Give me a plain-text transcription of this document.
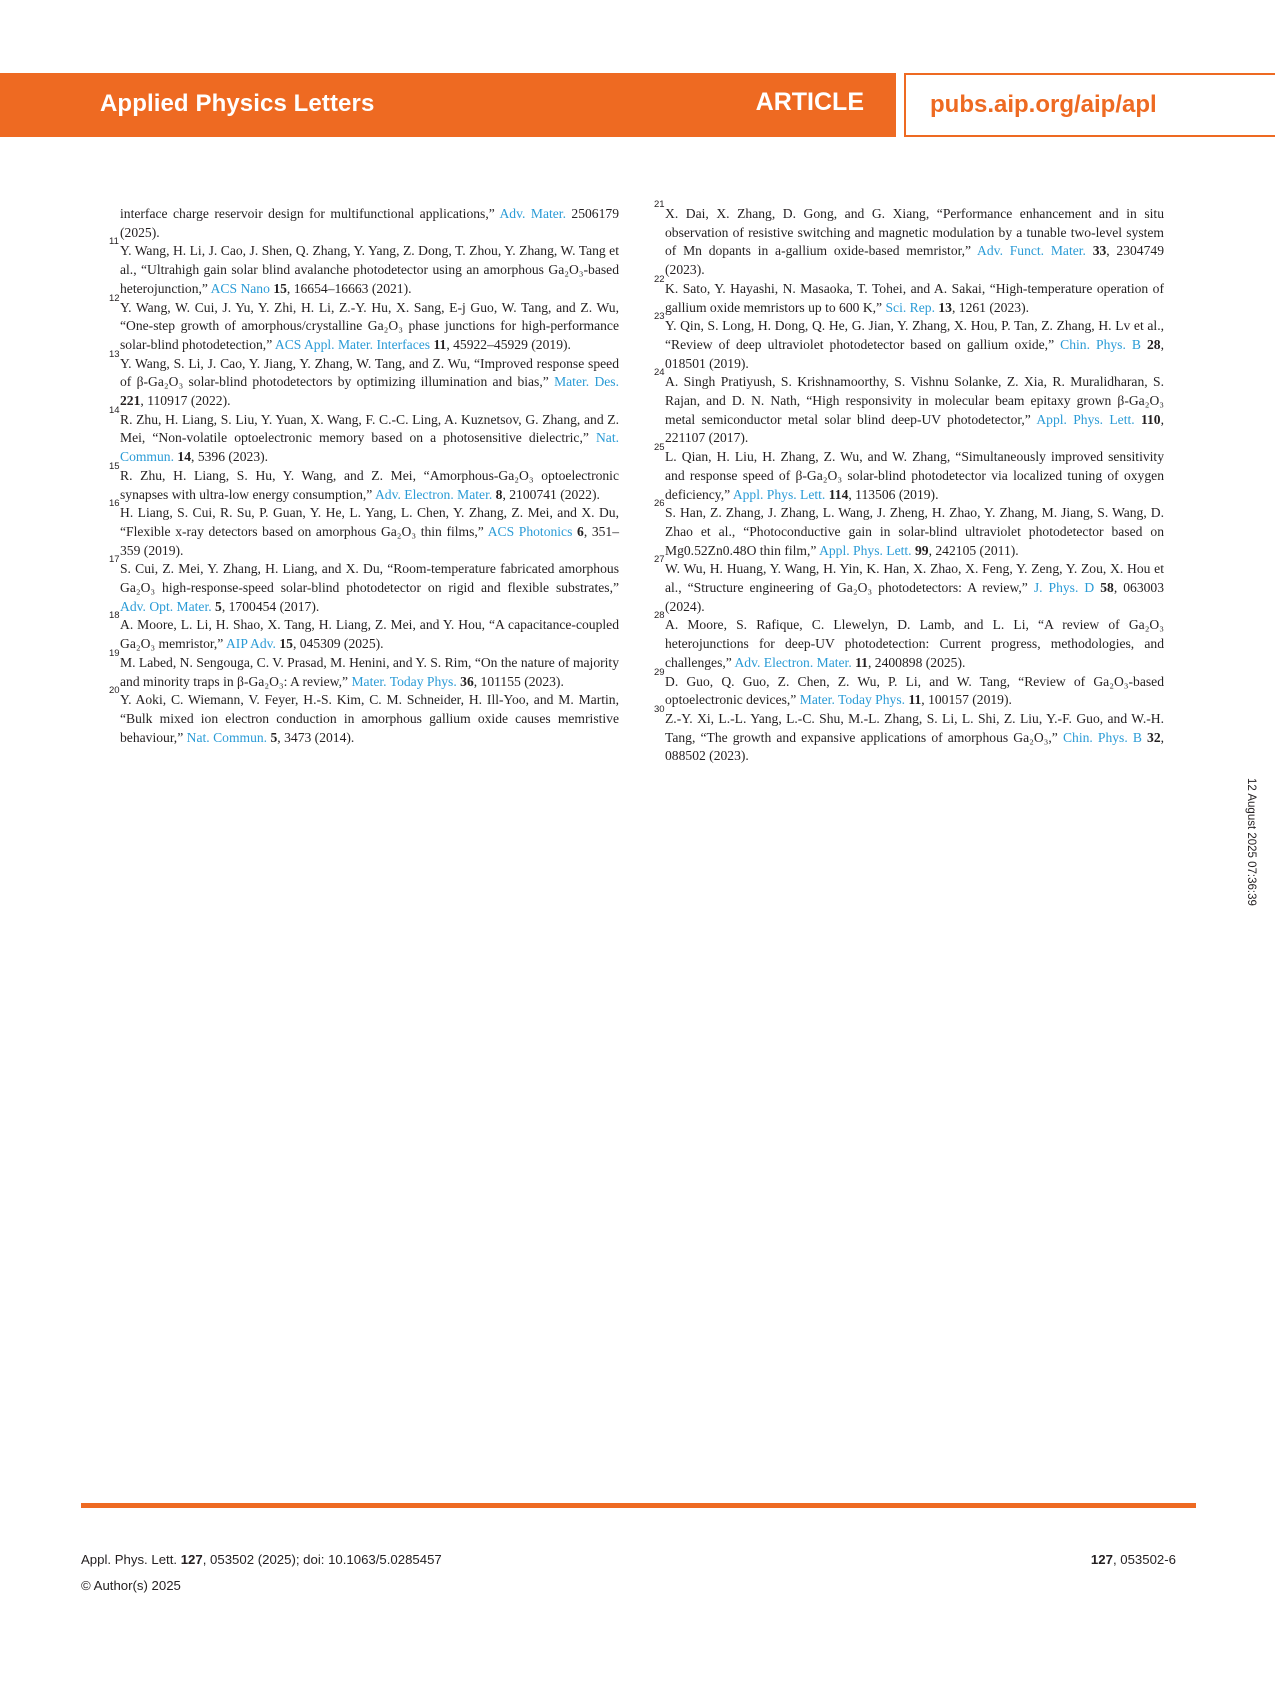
Applied Physics Letters	ARTICLE	pubs.aip.org/aip/apl

interface charge reservoir design for multifunctional applications,” Adv. Mater. 2506179 (2025).

11
Y. Wang, H. Li, J. Cao, J. Shen, Q. Zhang, Y. Yang, Z. Dong, T. Zhou, Y. Zhang, W. Tang et al., “Ultrahigh gain solar blind avalanche photodetector using an amorphous Ga₂O₃-based heterojunction,” ACS Nano 15, 16654–16663 (2021).

12
Y. Wang, W. Cui, J. Yu, Y. Zhi, H. Li, Z.-Y. Hu, X. Sang, E-j Guo, W. Tang, and Z. Wu, “One-step growth of amorphous/crystalline Ga₂O₃ phase junctions for high-performance solar-blind photodetection,” ACS Appl. Mater. Interfaces 11, 45922–45929 (2019).

13
Y. Wang, S. Li, J. Cao, Y. Jiang, Y. Zhang, W. Tang, and Z. Wu, “Improved response speed of β-Ga₂O₃ solar-blind photodetectors by optimizing illumination and bias,” Mater. Des. 221, 110917 (2022).

14
R. Zhu, H. Liang, S. Liu, Y. Yuan, X. Wang, F. C.-C. Ling, A. Kuznetsov, G. Zhang, and Z. Mei, “Non-volatile optoelectronic memory based on a photosensitive dielectric,” Nat. Commun. 14, 5396 (2023).

15
R. Zhu, H. Liang, S. Hu, Y. Wang, and Z. Mei, “Amorphous-Ga₂O₃ optoelectronic synapses with ultra-low energy consumption,” Adv. Electron. Mater. 8, 2100741 (2022).

16
H. Liang, S. Cui, R. Su, P. Guan, Y. He, L. Yang, L. Chen, Y. Zhang, Z. Mei, and X. Du, “Flexible x-ray detectors based on amorphous Ga₂O₃ thin films,” ACS Photonics 6, 351–359 (2019).

17
S. Cui, Z. Mei, Y. Zhang, H. Liang, and X. Du, “Room-temperature fabricated amorphous Ga₂O₃ high-response-speed solar-blind photodetector on rigid and flexible substrates,” Adv. Opt. Mater. 5, 1700454 (2017).

18
A. Moore, L. Li, H. Shao, X. Tang, H. Liang, Z. Mei, and Y. Hou, “A capacitance-coupled Ga₂O₃ memristor,” AIP Adv. 15, 045309 (2025).

19
M. Labed, N. Sengouga, C. V. Prasad, M. Henini, and Y. S. Rim, “On the nature of majority and minority traps in β-Ga₂O₃: A review,” Mater. Today Phys. 36, 101155 (2023).

20
Y. Aoki, C. Wiemann, V. Feyer, H.-S. Kim, C. M. Schneider, H. Ill-Yoo, and M. Martin, “Bulk mixed ion electron conduction in amorphous gallium oxide causes memristive behaviour,” Nat. Commun. 5, 3473 (2014).

21
X. Dai, X. Zhang, D. Gong, and G. Xiang, “Performance enhancement and in situ observation of resistive switching and magnetic modulation by a tunable two-level system of Mn dopants in a-gallium oxide-based memristor,” Adv. Funct. Mater. 33, 2304749 (2023).

22
K. Sato, Y. Hayashi, N. Masaoka, T. Tohei, and A. Sakai, “High-temperature operation of gallium oxide memristors up to 600 K,” Sci. Rep. 13, 1261 (2023).

23
Y. Qin, S. Long, H. Dong, Q. He, G. Jian, Y. Zhang, X. Hou, P. Tan, Z. Zhang, H. Lv et al., “Review of deep ultraviolet photodetector based on gallium oxide,” Chin. Phys. B 28, 018501 (2019).

24
A. Singh Pratiyush, S. Krishnamoorthy, S. Vishnu Solanke, Z. Xia, R. Muralidharan, S. Rajan, and D. N. Nath, “High responsivity in molecular beam epitaxy grown β-Ga₂O₃ metal semiconductor metal solar blind deep-UV photodetector,” Appl. Phys. Lett. 110, 221107 (2017).

25
L. Qian, H. Liu, H. Zhang, Z. Wu, and W. Zhang, “Simultaneously improved sensitivity and response speed of β-Ga₂O₃ solar-blind photodetector via localized tuning of oxygen deficiency,” Appl. Phys. Lett. 114, 113506 (2019).

26
S. Han, Z. Zhang, J. Zhang, L. Wang, J. Zheng, H. Zhao, Y. Zhang, M. Jiang, S. Wang, D. Zhao et al., “Photoconductive gain in solar-blind ultraviolet photodetector based on Mg0.52Zn0.48O thin film,” Appl. Phys. Lett. 99, 242105 (2011).

27
W. Wu, H. Huang, Y. Wang, H. Yin, K. Han, X. Zhao, X. Feng, Y. Zeng, Y. Zou, X. Hou et al., “Structure engineering of Ga₂O₃ photodetectors: A review,” J. Phys. D 58, 063003 (2024).

28
A. Moore, S. Rafique, C. Llewelyn, D. Lamb, and L. Li, “A review of Ga₂O₃ heterojunctions for deep-UV photodetection: Current progress, methodologies, and challenges,” Adv. Electron. Mater. 11, 2400898 (2025).

29
D. Guo, Q. Guo, Z. Chen, Z. Wu, P. Li, and W. Tang, “Review of Ga₂O₃-based optoelectronic devices,” Mater. Today Phys. 11, 100157 (2019).

30
Z.-Y. Xi, L.-L. Yang, L.-C. Shu, M.-L. Zhang, S. Li, L. Shi, Z. Liu, Y.-F. Guo, and W.-H. Tang, “The growth and expansive applications of amorphous Ga₂O₃,” Chin. Phys. B 32, 088502 (2023).

12 August 2025 07:36:39
Appl. Phys. Lett. 127, 053502 (2025); doi: 10.1063/5.0285457
© Author(s) 2025
127, 053502-6
